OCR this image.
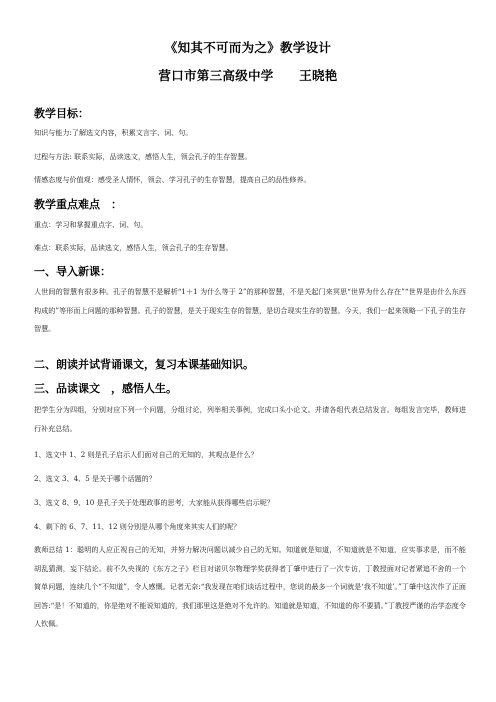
《知其不可而为之》教学设计
营口市第三高级中学　　王晓艳
教学目标：
知识与能力:了解选文内容，积累文言字、词、句。
过程与方法: 联系实际，品读选文，感悟人生，领会孔子的生存智慧。
情感态度与价值观：感受圣人情怀，领会、学习孔子的生存智慧，提高自己的品性修养。
教学重点难点　：
重点：学习和掌握重点字、词、句。
难点：联系实际，品读选文，感悟人生，领会孔子的生存智慧。
一、导入新课：
人世间的智慧有很多种。孔子的智慧不是解析“1＋1 为什么等于 2”的那种智慧，不是关起门来冥思“世界为什么存在”“世界是由什么东西构成的”等形而上问题的那种智慧。孔子的智慧，是关于现实生存的智慧，是切合现实生存的智慧。今天，我们一起来领略一下孔子的生存智慧。
二、朗读并试背诵课文，复习本课基础知识。
三、品读课文　，感悟人生。
把学生分为四组，分别对应下列一个问题，分组讨论，列举相关事例，完成口头小论文。并请各组代表总结发言。每组发言完毕，教师进行补充总结。
1、选文中 1、2 则是孔子启示人们面对自己的无知的，其观点是什么？
2、选文 3、4、5 是关于哪个话题的？
3、选文 8、9、10 是孔子关于处理政事的思考，大家能从获得哪些启示呢？
4、剩下的 6、7、11、12 则分别是从哪个角度来其实人们的呢？
教师总结 1：聪明的人应正视自己的无知，并努力解决问题以减少自己的无知。知道就是知道，不知道就是不知道，应实事求是，而不能胡乱猜测，妄下结论。前不久央视的《东方之子》栏目对诺贝尔物理学奖获得者丁肇中进行了一次专访，丁教授面对记者紧追不舍的一个简单问题，连续几个“不知道”，令人感慨。记者无奈:“我发现在咱们谈话过程中，您说的最多一个词就是‘我不知道’。”丁肇中这次作了正面回答:“是！不知道的，你是绝对不能说知道的，我们那里这是绝对不允许的。知道就是知道，不知道的你不要猜。”丁教授严谨的治学态度令人钦佩。
